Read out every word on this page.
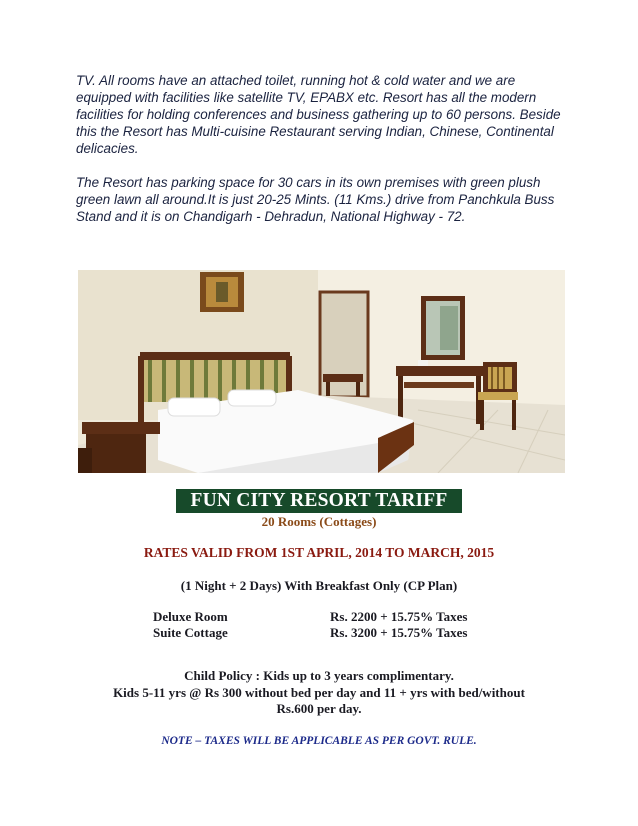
TV. All rooms have an attached toilet, running hot & cold water and we are equipped with facilities like satellite TV, EPABX etc. Resort has all the modern facilities for holding conferences and business gathering up to 60 persons. Beside this the Resort has Multi-cuisine Restaurant serving Indian, Chinese, Continental delicacies.

The Resort has parking space for 30 cars in its own premises with green plush green lawn all around.It is just 20-25 Mints. (11 Kms.) drive from Panchkula Buss Stand and it is on Chandigarh - Dehradun, National Highway - 72.

FUN CITY RESORT TARIFF
20 Rooms (Cottages)
RATES VALID FROM 1ST APRIL, 2014 TO MARCH, 2015
(1 Night + 2 Days) With Breakfast Only (CP Plan)
Deluxe Room	Rs. 2200 + 15.75% Taxes
Suite Cottage	Rs. 3200 + 15.75% Taxes
Child Policy : Kids up to 3 years complimentary.
Kids 5-11 yrs @ Rs 300 without bed per day and 11 + yrs with bed/without
Rs.600 per day.
NOTE – TAXES WILL BE APPLICABLE AS PER GOVT. RULE.
